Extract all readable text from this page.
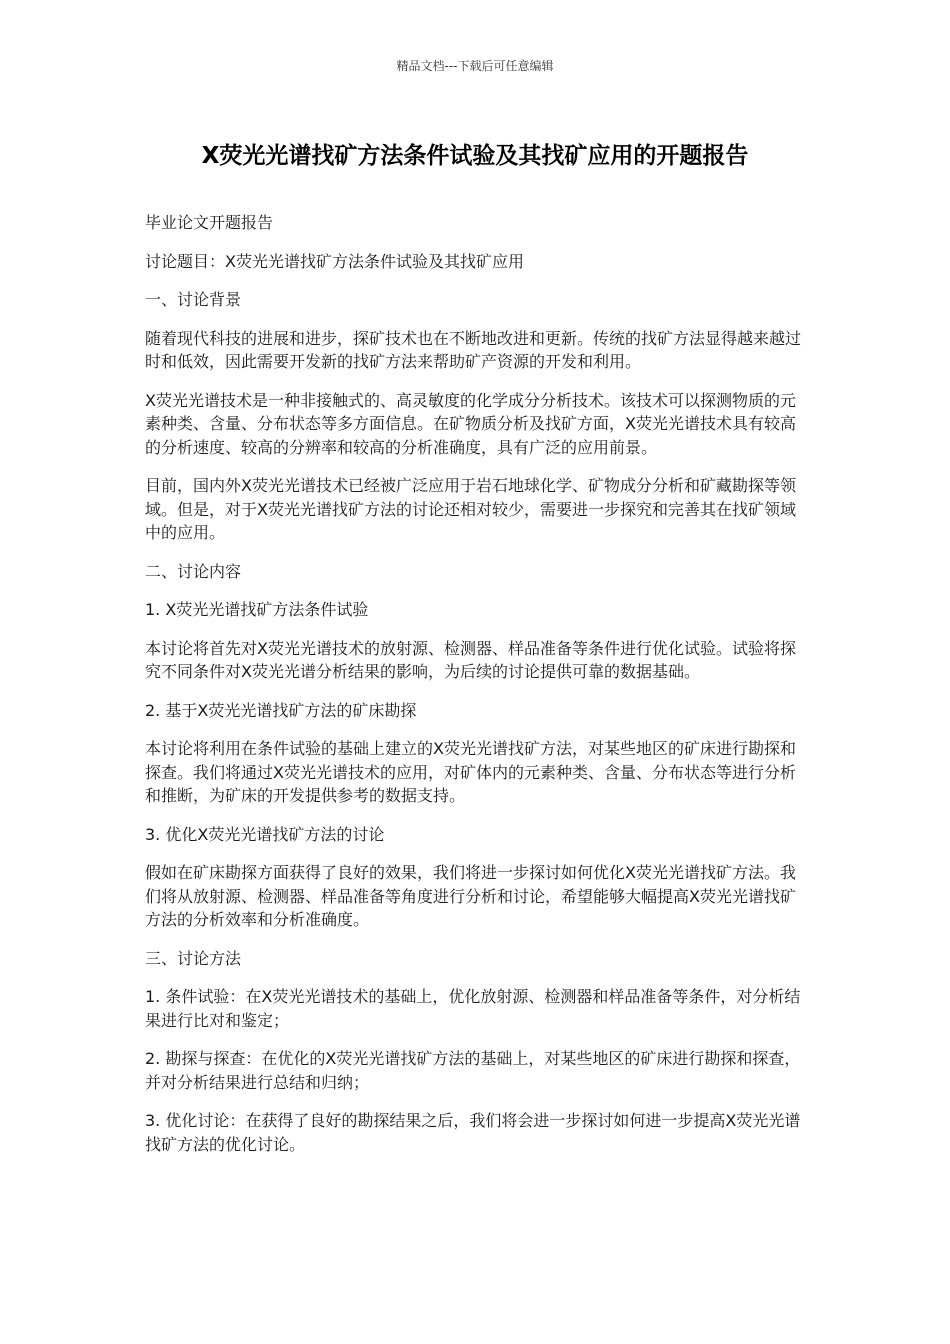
精品文档---下载后可任意编辑
X荧光光谱找矿方法条件试验及其找矿应用的开题报告

毕业论文开题报告

讨论题目：X荧光光谱找矿方法条件试验及其找矿应用

一、讨论背景

随着现代科技的进展和进步，探矿技术也在不断地改进和更新。传统的找矿方法显得越来越过时和低效，因此需要开发新的找矿方法来帮助矿产资源的开发和利用。

X荧光光谱技术是一种非接触式的、高灵敏度的化学成分分析技术。该技术可以探测物质的元素种类、含量、分布状态等多方面信息。在矿物质分析及找矿方面，X荧光光谱技术具有较高的分析速度、较高的分辨率和较高的分析准确度，具有广泛的应用前景。

目前，国内外X荧光光谱技术已经被广泛应用于岩石地球化学、矿物成分分析和矿藏勘探等领域。但是，对于X荧光光谱找矿方法的讨论还相对较少，需要进一步探究和完善其在找矿领域中的应用。

二、讨论内容

1. X荧光光谱找矿方法条件试验

本讨论将首先对X荧光光谱技术的放射源、检测器、样品准备等条件进行优化试验。试验将探究不同条件对X荧光光谱分析结果的影响，为后续的讨论提供可靠的数据基础。

2. 基于X荧光光谱找矿方法的矿床勘探

本讨论将利用在条件试验的基础上建立的X荧光光谱找矿方法，对某些地区的矿床进行勘探和探查。我们将通过X荧光光谱技术的应用，对矿体内的元素种类、含量、分布状态等进行分析和推断，为矿床的开发提供参考的数据支持。

3. 优化X荧光光谱找矿方法的讨论

假如在矿床勘探方面获得了良好的效果，我们将进一步探讨如何优化X荧光光谱找矿方法。我们将从放射源、检测器、样品准备等角度进行分析和讨论，希望能够大幅提高X荧光光谱找矿方法的分析效率和分析准确度。

三、讨论方法

1. 条件试验：在X荧光光谱技术的基础上，优化放射源、检测器和样品准备等条件，对分析结果进行比对和鉴定；

2. 勘探与探查：在优化的X荧光光谱找矿方法的基础上，对某些地区的矿床进行勘探和探查，并对分析结果进行总结和归纳；

3. 优化讨论：在获得了良好的勘探结果之后，我们将会进一步探讨如何进一步提高X荧光光谱找矿方法的优化讨论。
